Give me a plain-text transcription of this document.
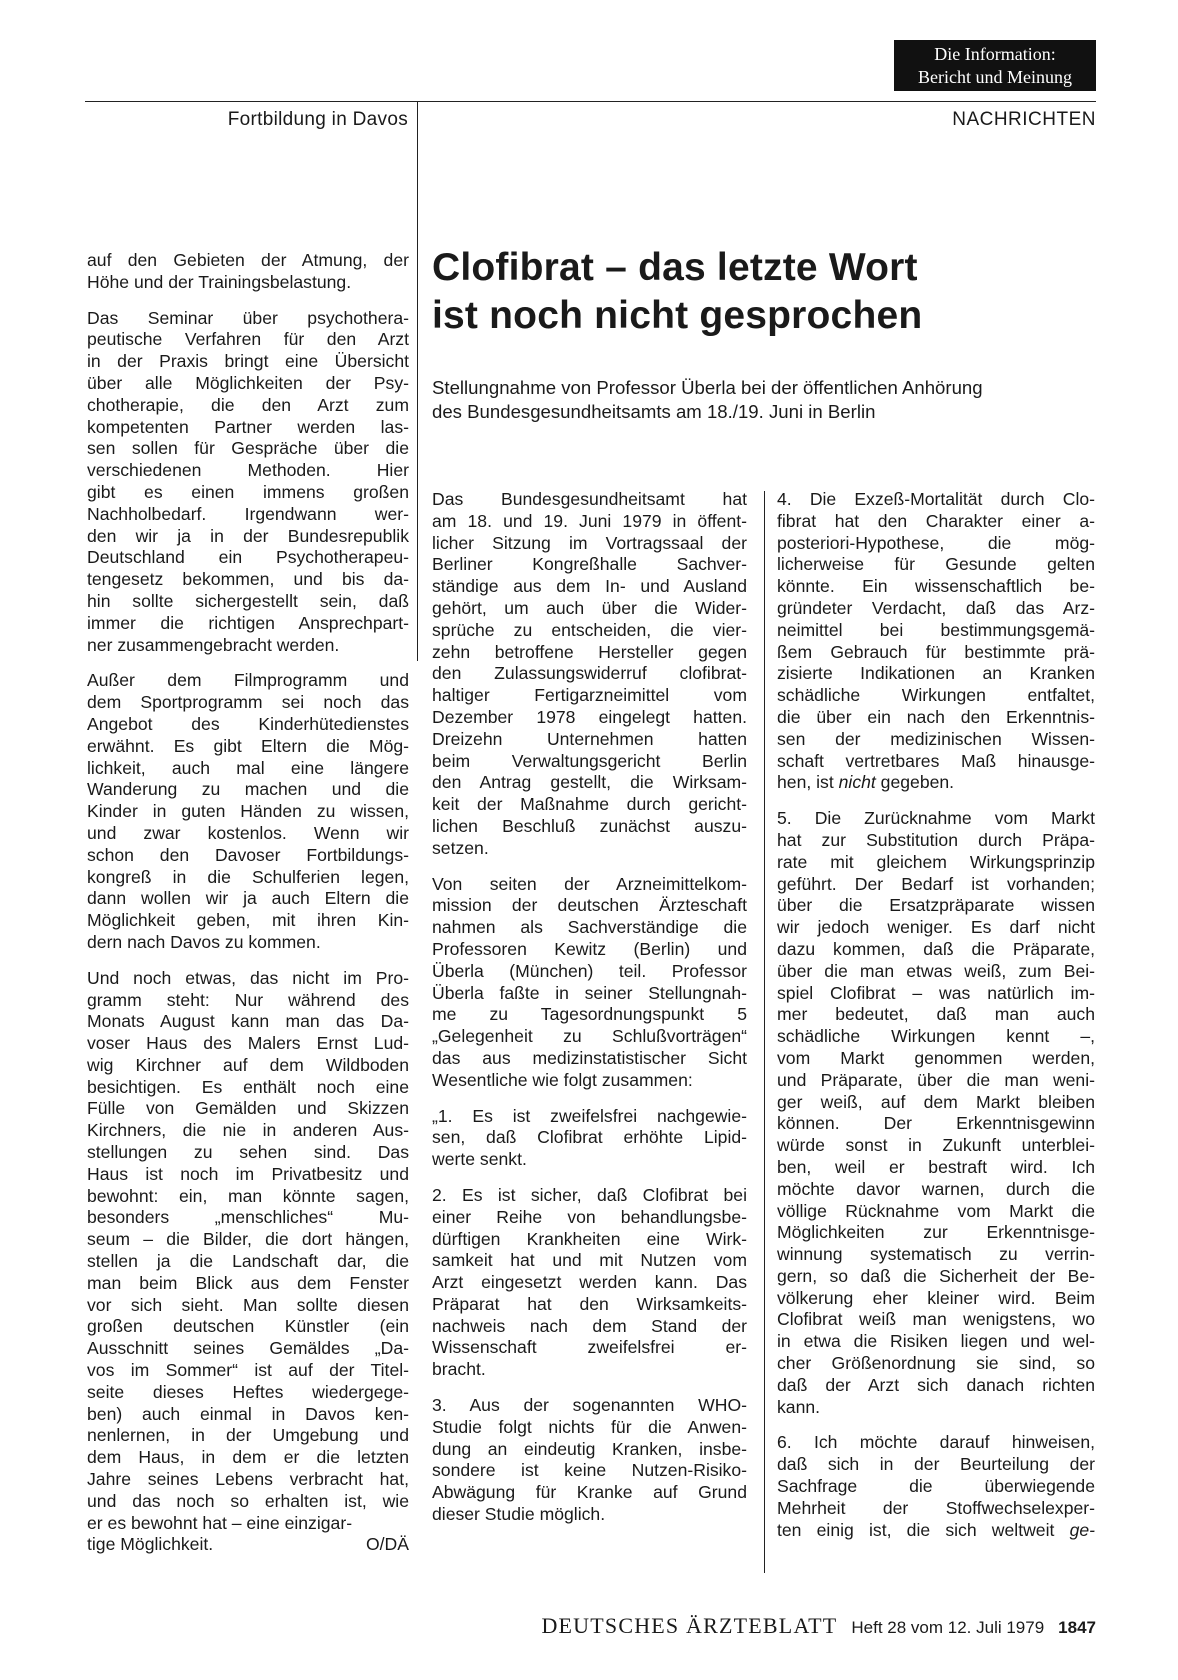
Die Information:
Bericht und Meinung
Fortbildung in Davos	NACHRICHTEN
Clofibrat – das letzte Wort
ist noch nicht gesprochen
Stellungnahme von Professor Überla bei der öffentlichen Anhörung
des Bundesgesundheitsamts am 18./19. Juni in Berlin

auf den Gebieten der Atmung, der
Höhe und der Trainingsbelastung.

Das Seminar über psychothera-
peutische Verfahren für den Arzt
in der Praxis bringt eine Übersicht
über alle Möglichkeiten der Psy-
chotherapie, die den Arzt zum
kompetenten Partner werden las-
sen sollen für Gespräche über die
verschiedenen Methoden. Hier
gibt es einen immens großen
Nachholbedarf. Irgendwann wer-
den wir ja in der Bundesrepublik
Deutschland ein Psychotherapeu-
tengesetz bekommen, und bis da-
hin sollte sichergestellt sein, daß
immer die richtigen Ansprechpart-
ner zusammengebracht werden.

Außer dem Filmprogramm und
dem Sportprogramm sei noch das
Angebot des Kinderhütedienstes
erwähnt. Es gibt Eltern die Mög-
lichkeit, auch mal eine längere
Wanderung zu machen und die
Kinder in guten Händen zu wissen,
und zwar kostenlos. Wenn wir
schon den Davoser Fortbildungs-
kongreß in die Schulferien legen,
dann wollen wir ja auch Eltern die
Möglichkeit geben, mit ihren Kin-
dern nach Davos zu kommen.

Und noch etwas, das nicht im Pro-
gramm steht: Nur während des
Monats August kann man das Da-
voser Haus des Malers Ernst Lud-
wig Kirchner auf dem Wildboden
besichtigen. Es enthält noch eine
Fülle von Gemälden und Skizzen
Kirchners, die nie in anderen Aus-
stellungen zu sehen sind. Das
Haus ist noch im Privatbesitz und
bewohnt: ein, man könnte sagen,
besonders „menschliches“ Mu-
seum – die Bilder, die dort hängen,
stellen ja die Landschaft dar, die
man beim Blick aus dem Fenster
vor sich sieht. Man sollte diesen
großen deutschen Künstler (ein
Ausschnitt seines Gemäldes „Da-
vos im Sommer“ ist auf der Titel-
seite dieses Heftes wiedergege-
ben) auch einmal in Davos ken-
nenlernen, in der Umgebung und
dem Haus, in dem er die letzten
Jahre seines Lebens verbracht hat,
und das noch so erhalten ist, wie
er es bewohnt hat – eine einzigar-
tige Möglichkeit.	O/DÄ

Das Bundesgesundheitsamt hat
am 18. und 19. Juni 1979 in öffent-
licher Sitzung im Vortragssaal der
Berliner Kongreßhalle Sachver-
ständige aus dem In- und Ausland
gehört, um auch über die Wider-
sprüche zu entscheiden, die vier-
zehn betroffene Hersteller gegen
den Zulassungswiderruf clofibrat-
haltiger Fertigarzneimittel vom
Dezember 1978 eingelegt hatten.
Dreizehn Unternehmen hatten
beim Verwaltungsgericht Berlin
den Antrag gestellt, die Wirksam-
keit der Maßnahme durch gericht-
lichen Beschluß zunächst auszu-
setzen.

Von seiten der Arzneimittelkom-
mission der deutschen Ärzteschaft
nahmen als Sachverständige die
Professoren Kewitz (Berlin) und
Überla (München) teil. Professor
Überla faßte in seiner Stellungnah-
me zu Tagesordnungspunkt 5
„Gelegenheit zu Schlußvorträgen“
das aus medizinstatistischer Sicht
Wesentliche wie folgt zusammen:

„1. Es ist zweifelsfrei nachgewie-
sen, daß Clofibrat erhöhte Lipid-
werte senkt.

2. Es ist sicher, daß Clofibrat bei
einer Reihe von behandlungsbe-
dürftigen Krankheiten eine Wirk-
samkeit hat und mit Nutzen vom
Arzt eingesetzt werden kann. Das
Präparat hat den Wirksamkeits-
nachweis nach dem Stand der
Wissenschaft zweifelsfrei er-
bracht.

3. Aus der sogenannten WHO-
Studie folgt nichts für die Anwen-
dung an eindeutig Kranken, insbe-
sondere ist keine Nutzen-Risiko-
Abwägung für Kranke auf Grund
dieser Studie möglich.

4. Die Exzeß-Mortalität durch Clo-
fibrat hat den Charakter einer a-
posteriori-Hypothese, die mög-
licherweise für Gesunde gelten
könnte. Ein wissenschaftlich be-
gründeter Verdacht, daß das Arz-
neimittel bei bestimmungsgemä-
ßem Gebrauch für bestimmte prä-
zisierte Indikationen an Kranken
schädliche Wirkungen entfaltet,
die über ein nach den Erkenntnis-
sen der medizinischen Wissen-
schaft vertretbares Maß hinausge-
hen, ist nicht gegeben.

5. Die Zurücknahme vom Markt
hat zur Substitution durch Präpa-
rate mit gleichem Wirkungsprinzip
geführt. Der Bedarf ist vorhanden;
über die Ersatzpräparate wissen
wir jedoch weniger. Es darf nicht
dazu kommen, daß die Präparate,
über die man etwas weiß, zum Bei-
spiel Clofibrat – was natürlich im-
mer bedeutet, daß man auch
schädliche Wirkungen kennt –,
vom Markt genommen werden,
und Präparate, über die man weni-
ger weiß, auf dem Markt bleiben
können. Der Erkenntnisgewinn
würde sonst in Zukunft unterblei-
ben, weil er bestraft wird. Ich
möchte davor warnen, durch die
völlige Rücknahme vom Markt die
Möglichkeiten zur Erkenntnisge-
winnung systematisch zu verrin-
gern, so daß die Sicherheit der Be-
völkerung eher kleiner wird. Beim
Clofibrat weiß man wenigstens, wo
in etwa die Risiken liegen und wel-
cher Größenordnung sie sind, so
daß der Arzt sich danach richten
kann.

6. Ich möchte darauf hinweisen,
daß sich in der Beurteilung der
Sachfrage die überwiegende
Mehrheit der Stoffwechselexper-
ten einig ist, die sich weltweit ge-

DEUTSCHES ÄRZTEBLATT Heft 28 vom 12. Juli 1979 1847
